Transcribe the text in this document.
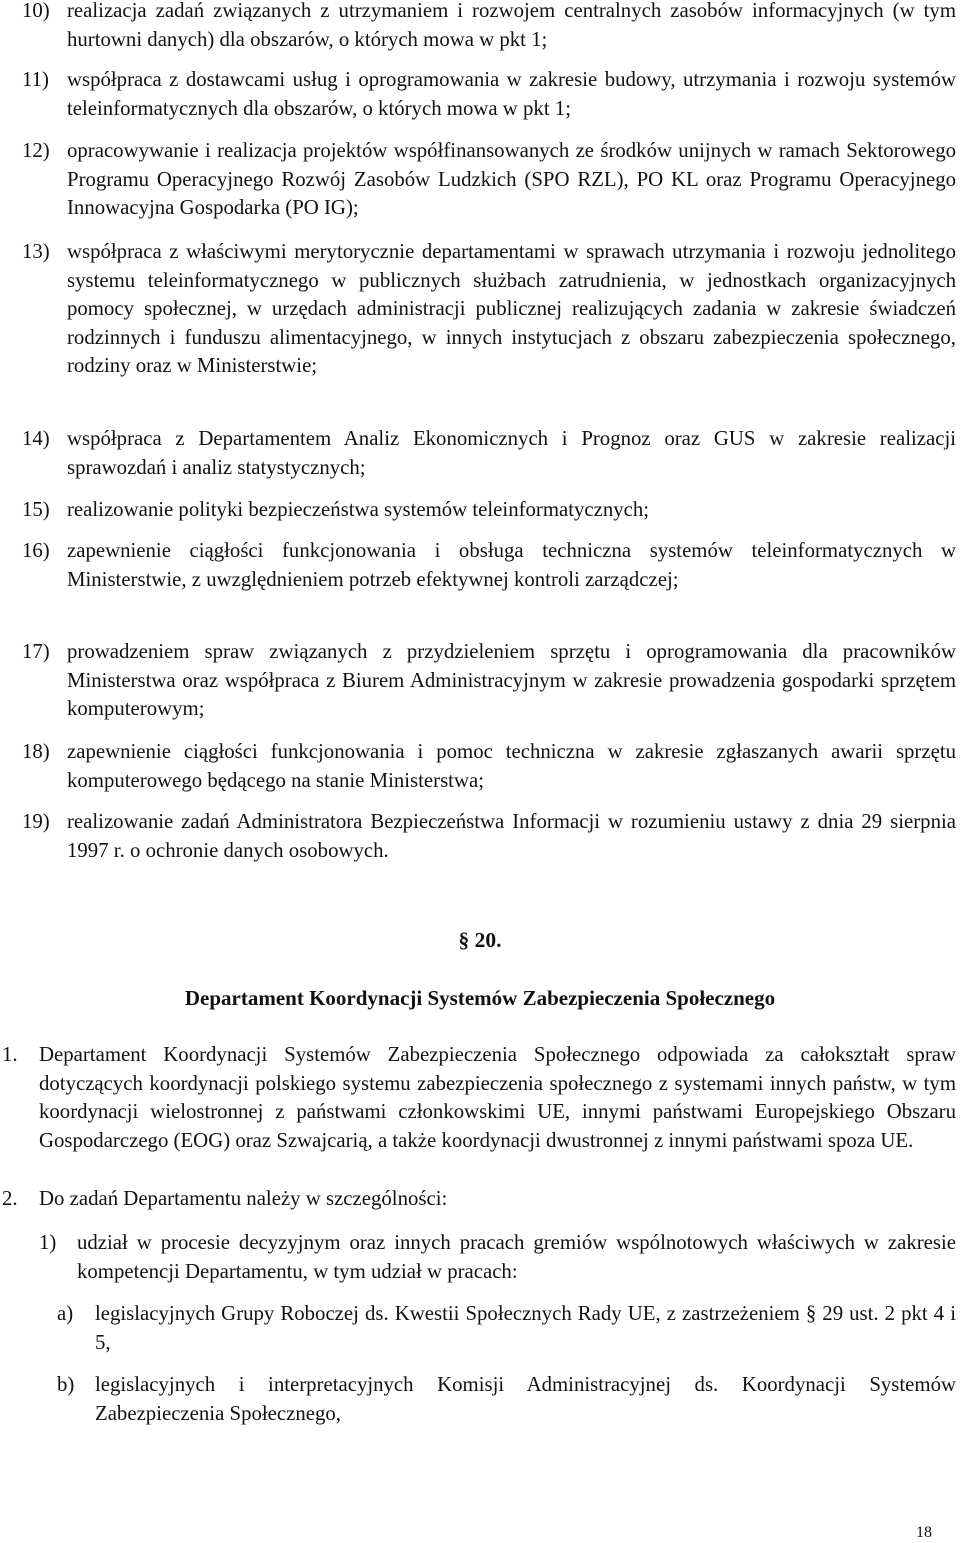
10) realizacja zadań związanych z utrzymaniem i rozwojem centralnych zasobów informacyjnych (w tym hurtowni danych) dla obszarów, o których mowa w pkt 1;
11) współpraca z dostawcami usług i oprogramowania w zakresie budowy, utrzymania i rozwoju systemów teleinformatycznych dla obszarów, o których mowa w pkt 1;
12) opracowywanie i realizacja projektów współfinansowanych ze środków unijnych w ramach Sektorowego Programu Operacyjnego Rozwój Zasobów Ludzkich (SPO RZL), PO KL oraz Programu Operacyjnego Innowacyjna Gospodarka (PO IG);
13) współpraca z właściwymi merytorycznie departamentami w sprawach utrzymania i rozwoju jednolitego systemu teleinformatycznego w publicznych służbach zatrudnienia, w jednostkach organizacyjnych pomocy społecznej, w urzędach administracji publicznej realizujących zadania w zakresie świadczeń rodzinnych i funduszu alimentacyjnego, w innych instytucjach z obszaru zabezpieczenia społecznego, rodziny oraz w Ministerstwie;
14) współpraca z Departamentem Analiz Ekonomicznych i Prognoz oraz GUS w zakresie realizacji sprawozdań i analiz statystycznych;
15) realizowanie polityki bezpieczeństwa systemów teleinformatycznych;
16) zapewnienie ciągłości funkcjonowania i obsługa techniczna systemów teleinformatycznych w Ministerstwie, z uwzględnieniem potrzeb efektywnej kontroli zarządczej;
17) prowadzeniem spraw związanych z przydzieleniem sprzętu i oprogramowania dla pracowników Ministerstwa oraz współpraca z Biurem Administracyjnym w zakresie prowadzenia gospodarki sprzętem komputerowym;
18) zapewnienie ciągłości funkcjonowania i pomoc techniczna w zakresie zgłaszanych awarii sprzętu komputerowego będącego na stanie Ministerstwa;
19) realizowanie zadań Administratora Bezpieczeństwa Informacji w rozumieniu ustawy z dnia 29 sierpnia 1997 r. o ochronie danych osobowych.
§ 20.
Departament Koordynacji Systemów Zabezpieczenia Społecznego
1. Departament Koordynacji Systemów Zabezpieczenia Społecznego odpowiada za całokształt spraw dotyczących koordynacji polskiego systemu zabezpieczenia społecznego z systemami innych państw, w tym koordynacji wielostronnej z państwami członkowskimi UE, innymi państwami Europejskiego Obszaru Gospodarczego (EOG) oraz Szwajcarią, a także koordynacji dwustronnej z innymi państwami spoza UE.
2. Do zadań Departamentu należy w szczególności:
1) udział w procesie decyzyjnym oraz innych pracach gremiów wspólnotowych właściwych w zakresie kompetencji Departamentu, w tym udział w pracach:
a) legislacyjnych Grupy Roboczej ds. Kwestii Społecznych Rady UE, z zastrzeżeniem § 29 ust. 2 pkt 4 i 5,
b) legislacyjnych i interpretacyjnych Komisji Administracyjnej ds. Koordynacji Systemów Zabezpieczenia Społecznego,
18
